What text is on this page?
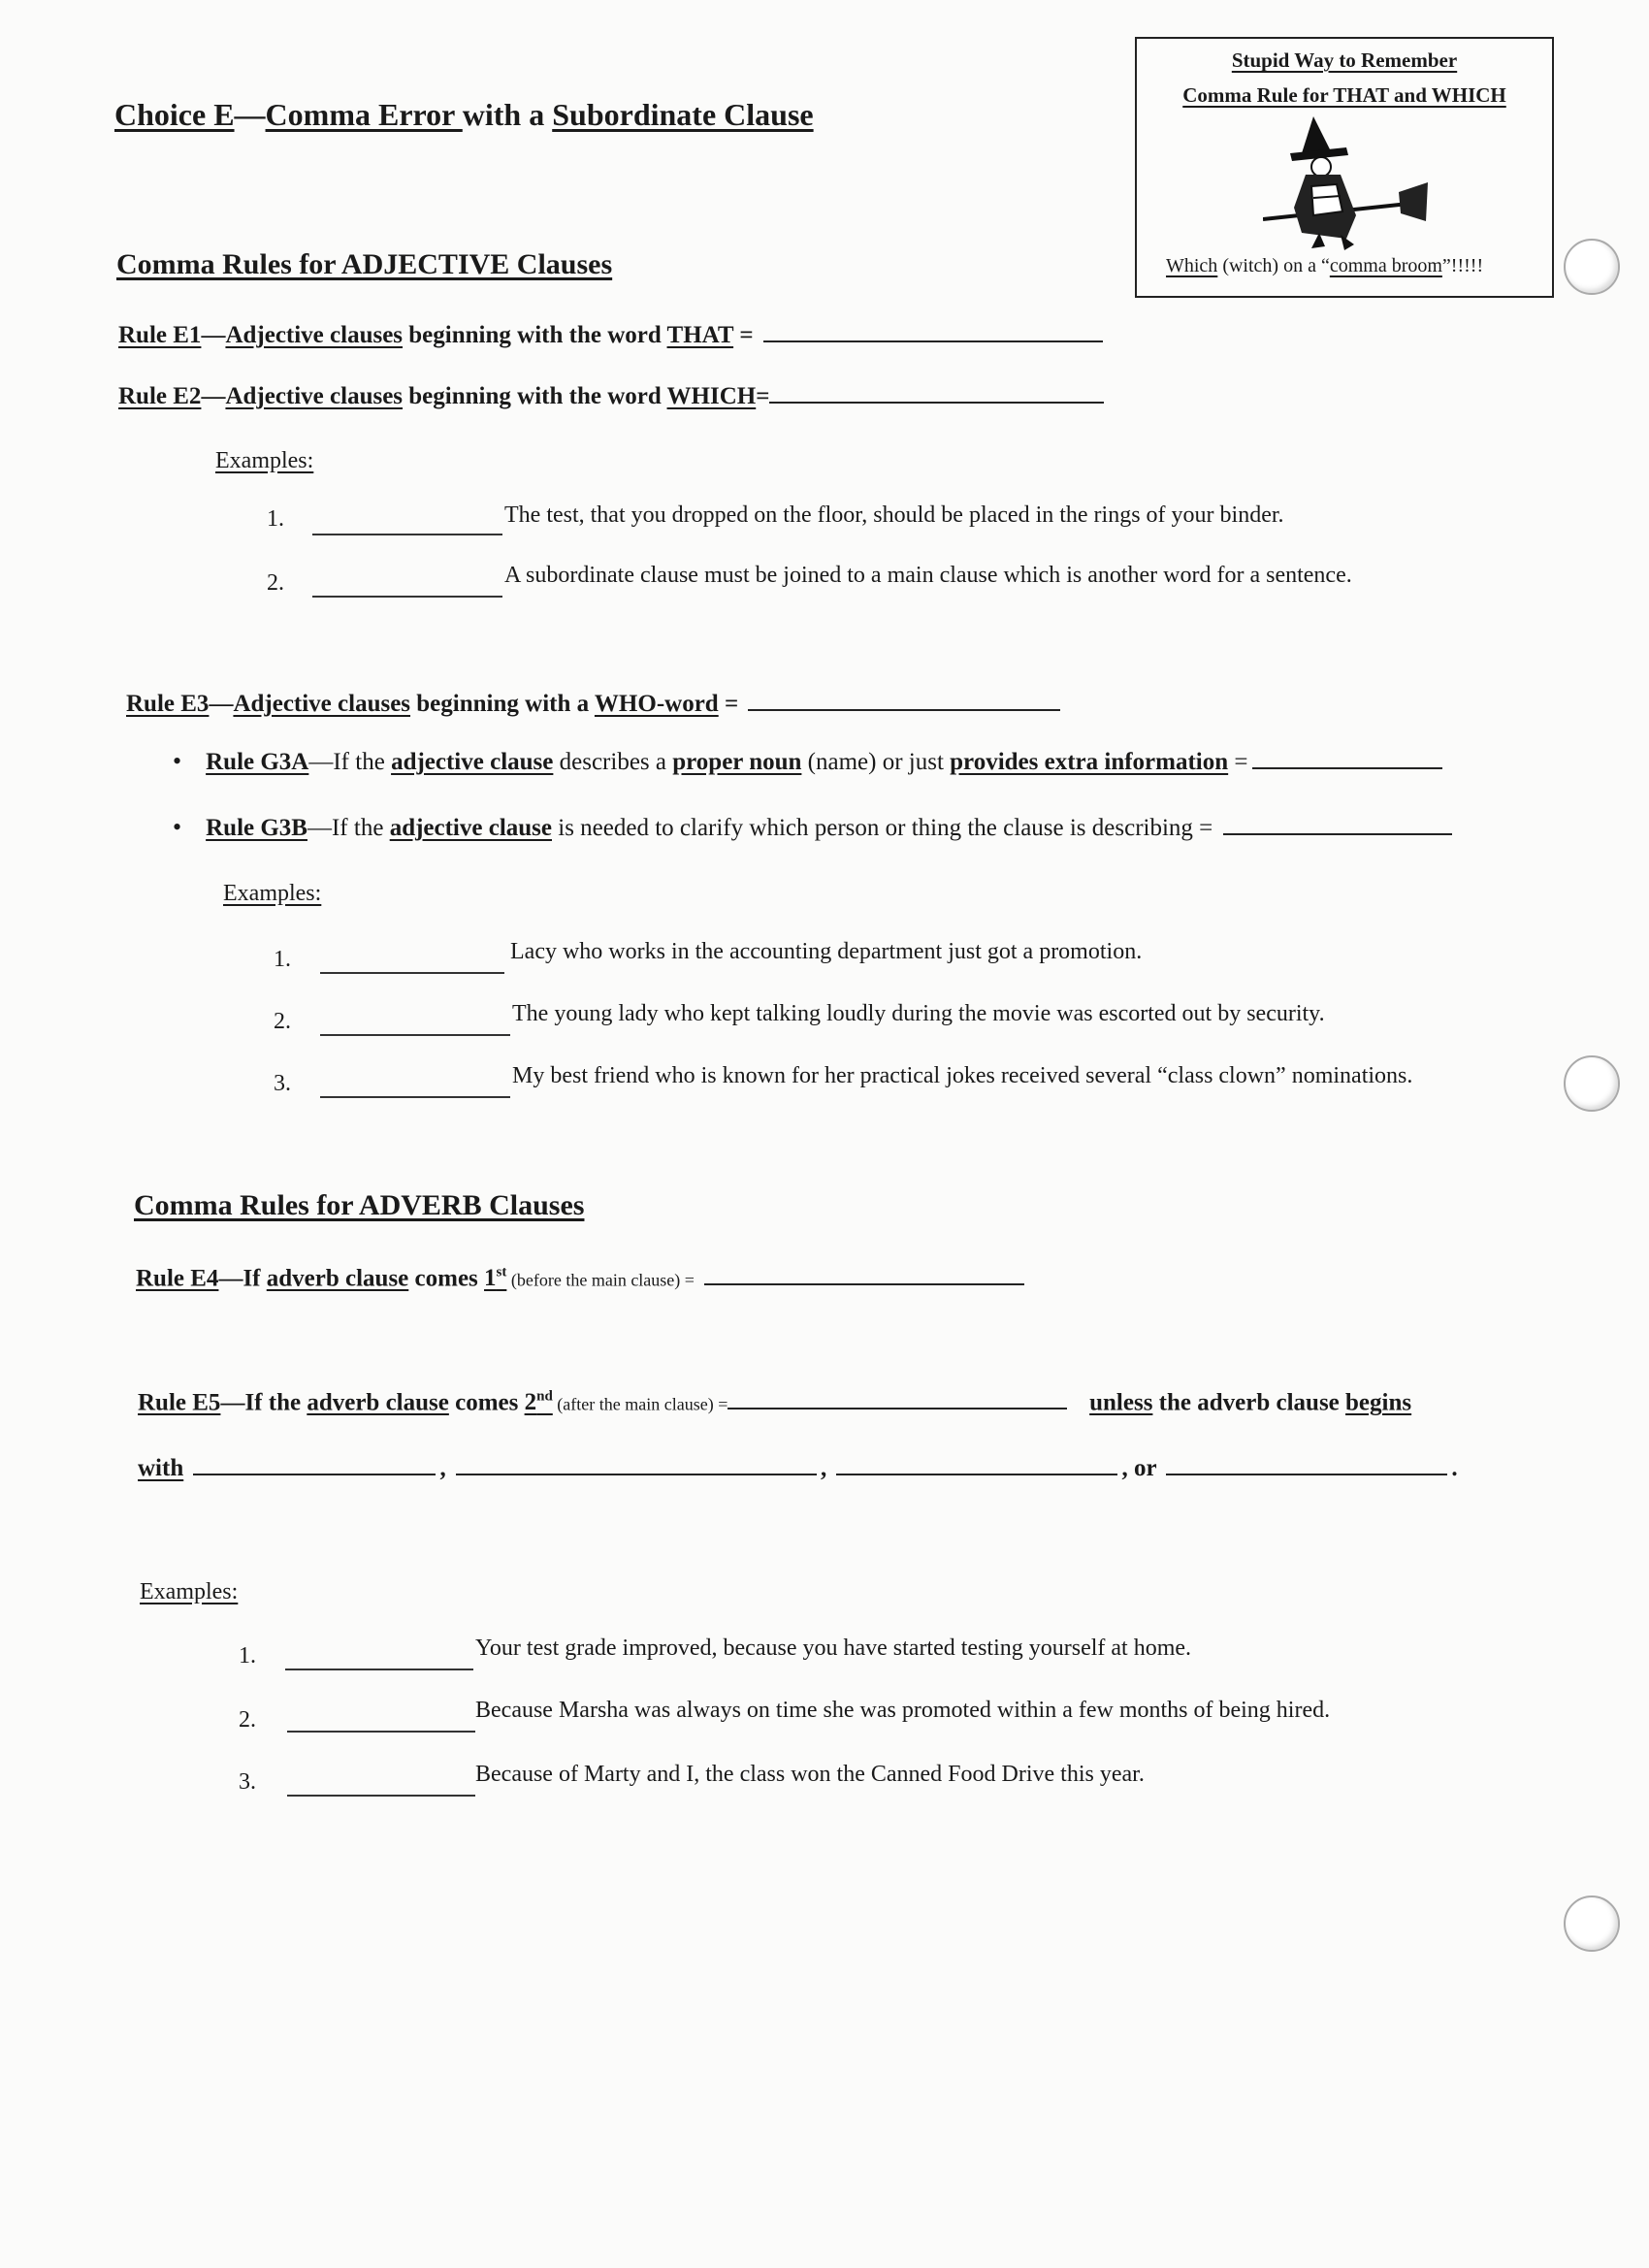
Choice E—Comma Error with a Subordinate Clause
Stupid Way to Remember
Comma Rule for THAT and WHICH
Which (witch) on a “comma broom”!!!!!
Comma Rules for ADJECTIVE Clauses
Rule E1—Adjective clauses beginning with the word THAT =
Rule E2—Adjective clauses beginning with the word WHICH=
Examples:
1.	The test, that you dropped on the floor, should be placed in the rings of your binder.
2.	A subordinate clause must be joined to a main clause which is another word for a sentence.
Rule E3—Adjective clauses beginning with a WHO-word =
• Rule G3A—If the adjective clause describes a proper noun (name) or just provides extra information =
• Rule G3B—If the adjective clause is needed to clarify which person or thing the clause is describing =
Examples:
1.	Lacy who works in the accounting department just got a promotion.
2.	The young lady who kept talking loudly during the movie was escorted out by security.
3.	My best friend who is known for her practical jokes received several “class clown” nominations.
Comma Rules for ADVERB Clauses
Rule E4—If adverb clause comes 1st (before the main clause) =
Rule E5—If the adverb clause comes 2nd (after the main clause) =	unless the adverb clause begins
with	,	,	, or	.
Examples:
1.	Your test grade improved, because you have started testing yourself at home.
2.	Because Marsha was always on time she was promoted within a few months of being hired.
3.	Because of Marty and I, the class won the Canned Food Drive this year.
